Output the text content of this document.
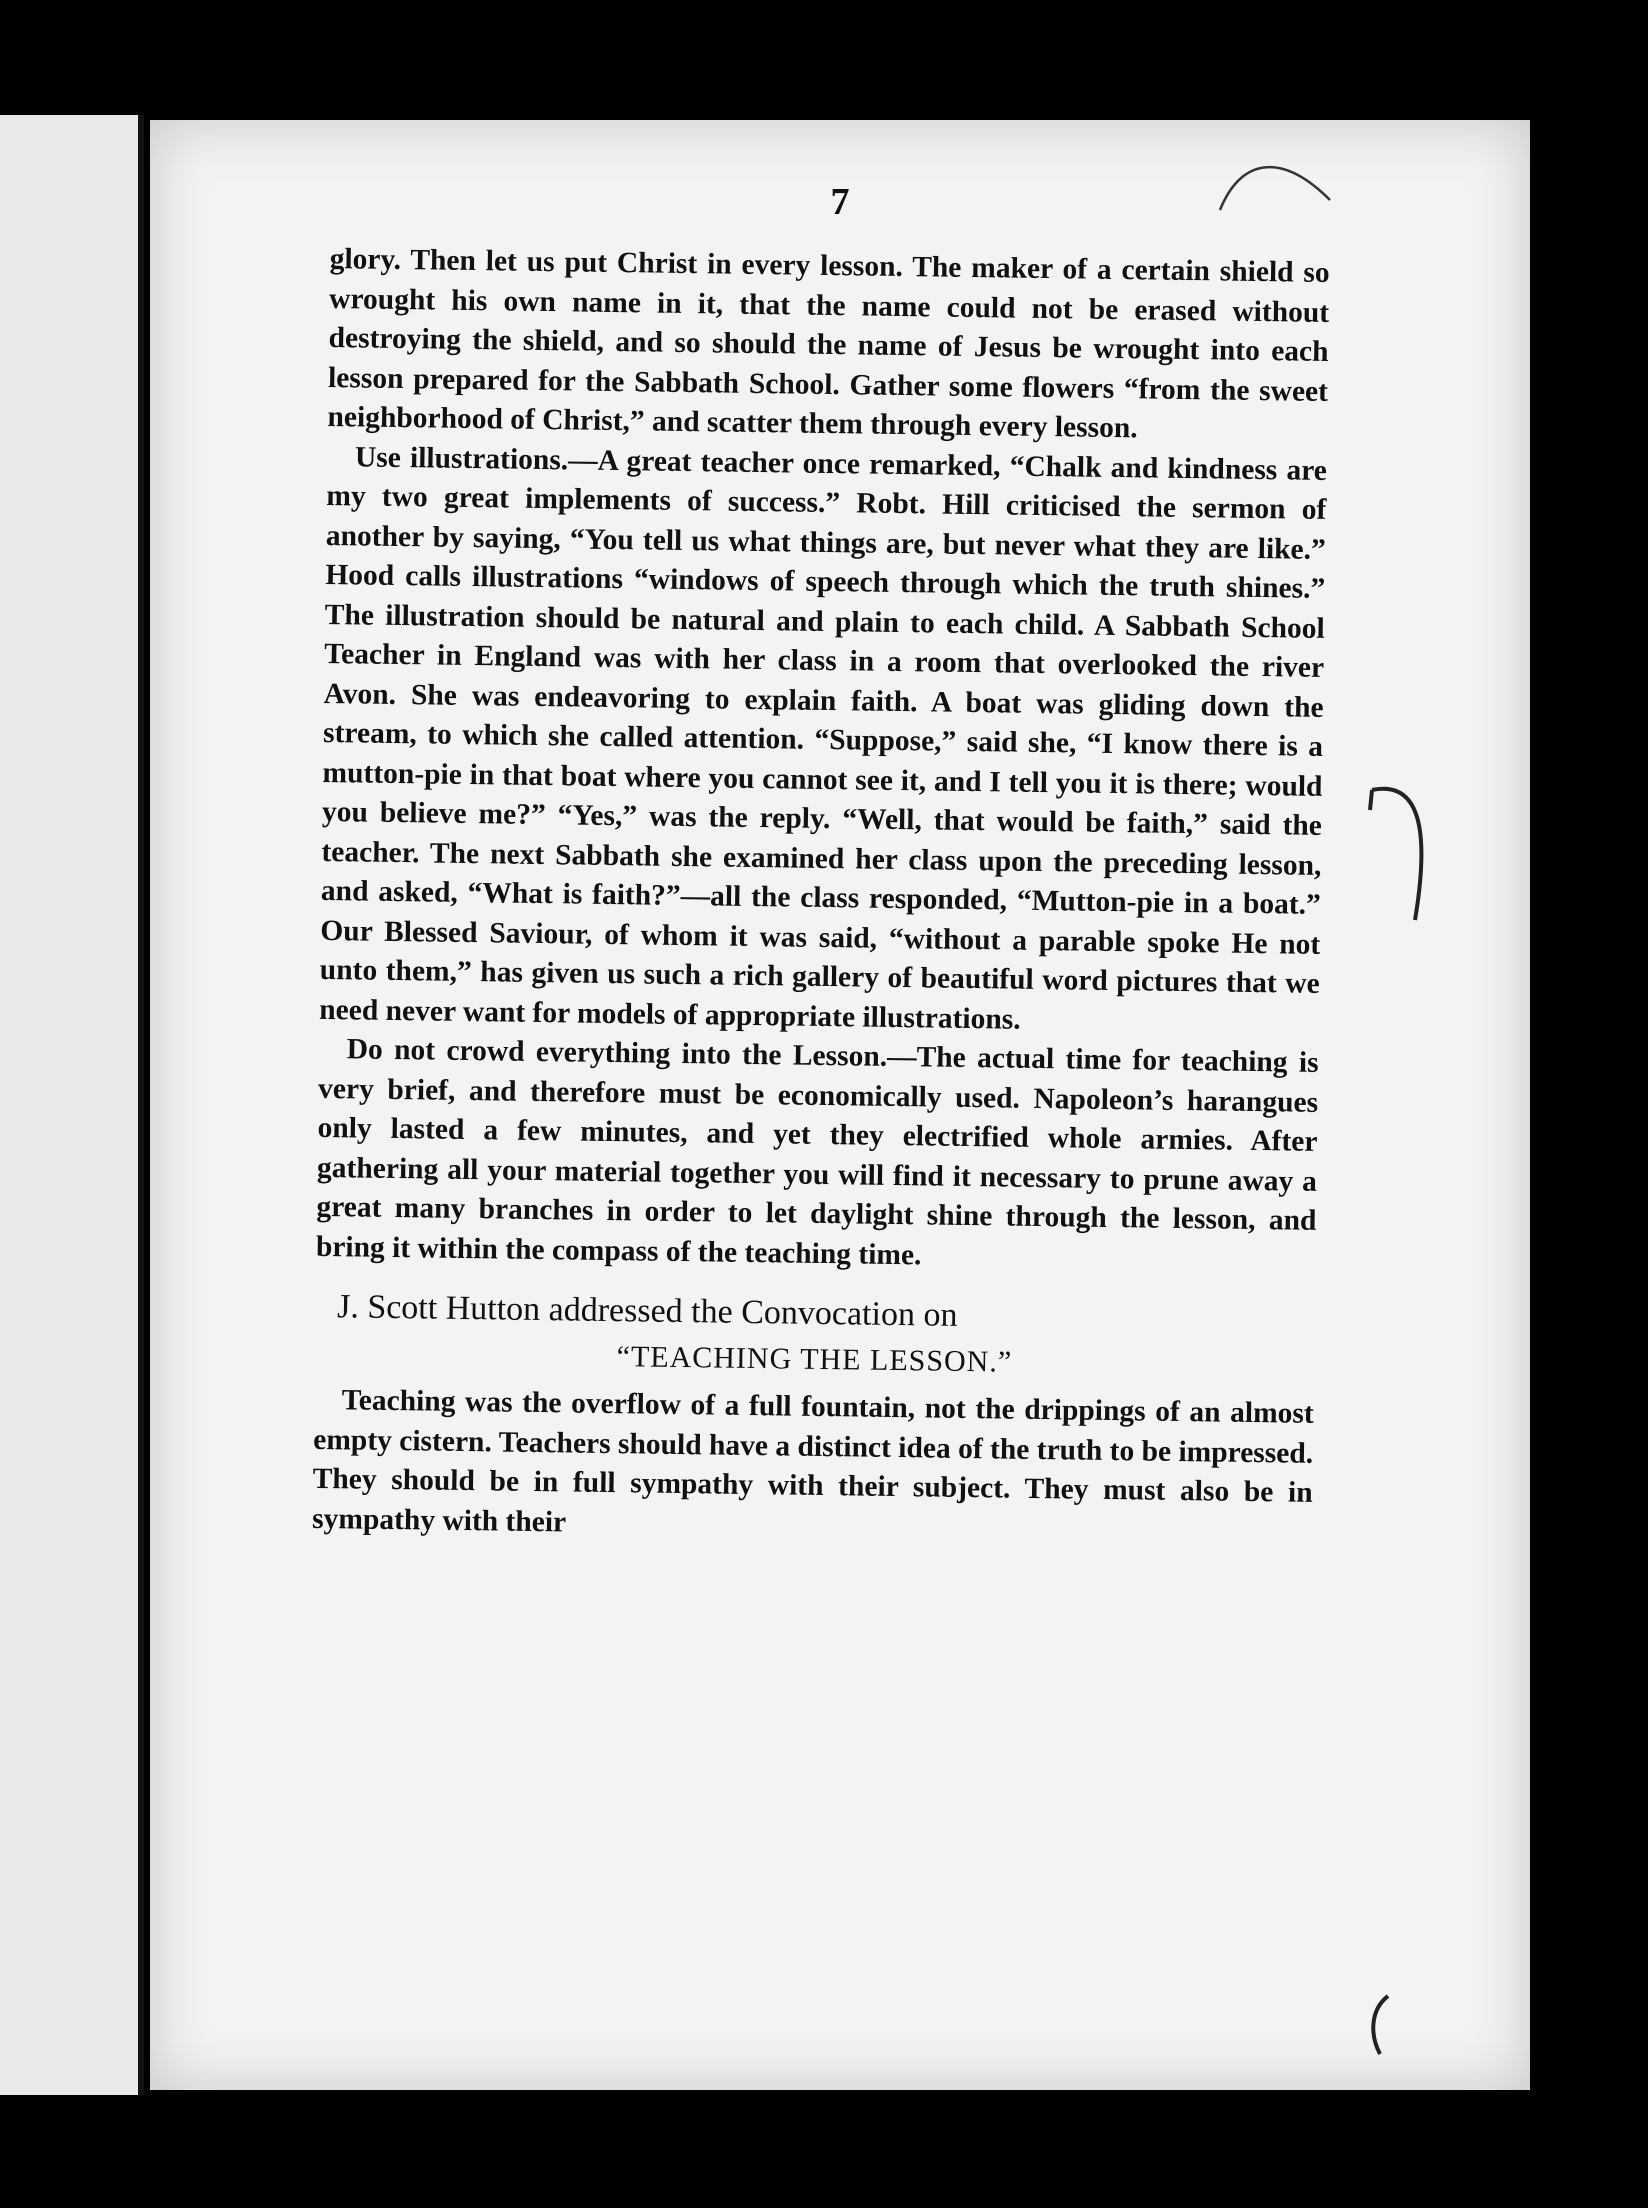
7

glory. Then let us put Christ in every lesson. The maker of a certain shield so wrought his own name in it, that the name could not be erased without destroying the shield, and so should the name of Jesus be wrought into each lesson prepared for the Sabbath School. Gather some flowers “from the sweet neighborhood of Christ,” and scatter them through every lesson.

Use illustrations.—A great teacher once remarked, “Chalk and kindness are my two great implements of success.” Robt. Hill criticised the sermon of another by saying, “You tell us what things are, but never what they are like.” Hood calls illustrations “windows of speech through which the truth shines.” The illustration should be natural and plain to each child. A Sabbath School Teacher in England was with her class in a room that overlooked the river Avon. She was endeavoring to explain faith. A boat was gliding down the stream, to which she called attention. “Suppose,” said she, “I know there is a mutton-pie in that boat where you cannot see it, and I tell you it is there; would you believe me?” “Yes,” was the reply. “Well, that would be faith,” said the teacher. The next Sabbath she examined her class upon the preceding lesson, and asked, “What is faith?”—all the class responded, “Mutton-pie in a boat.” Our Blessed Saviour, of whom it was said, “without a parable spoke He not unto them,” has given us such a rich gallery of beautiful word pictures that we need never want for models of appropriate illustrations.

Do not crowd everything into the Lesson.—The actual time for teaching is very brief, and therefore must be economically used. Napoleon’s harangues only lasted a few minutes, and yet they electrified whole armies. After gathering all your material together you will find it necessary to prune away a great many branches in order to let daylight shine through the lesson, and bring it within the compass of the teaching time.

J. Scott Hutton addressed the Convocation on

“TEACHING THE LESSON.”

Teaching was the overflow of a full fountain, not the drippings of an almost empty cistern. Teachers should have a distinct idea of the truth to be impressed. They should be in full sympathy with their subject. They must also be in sympathy with their
